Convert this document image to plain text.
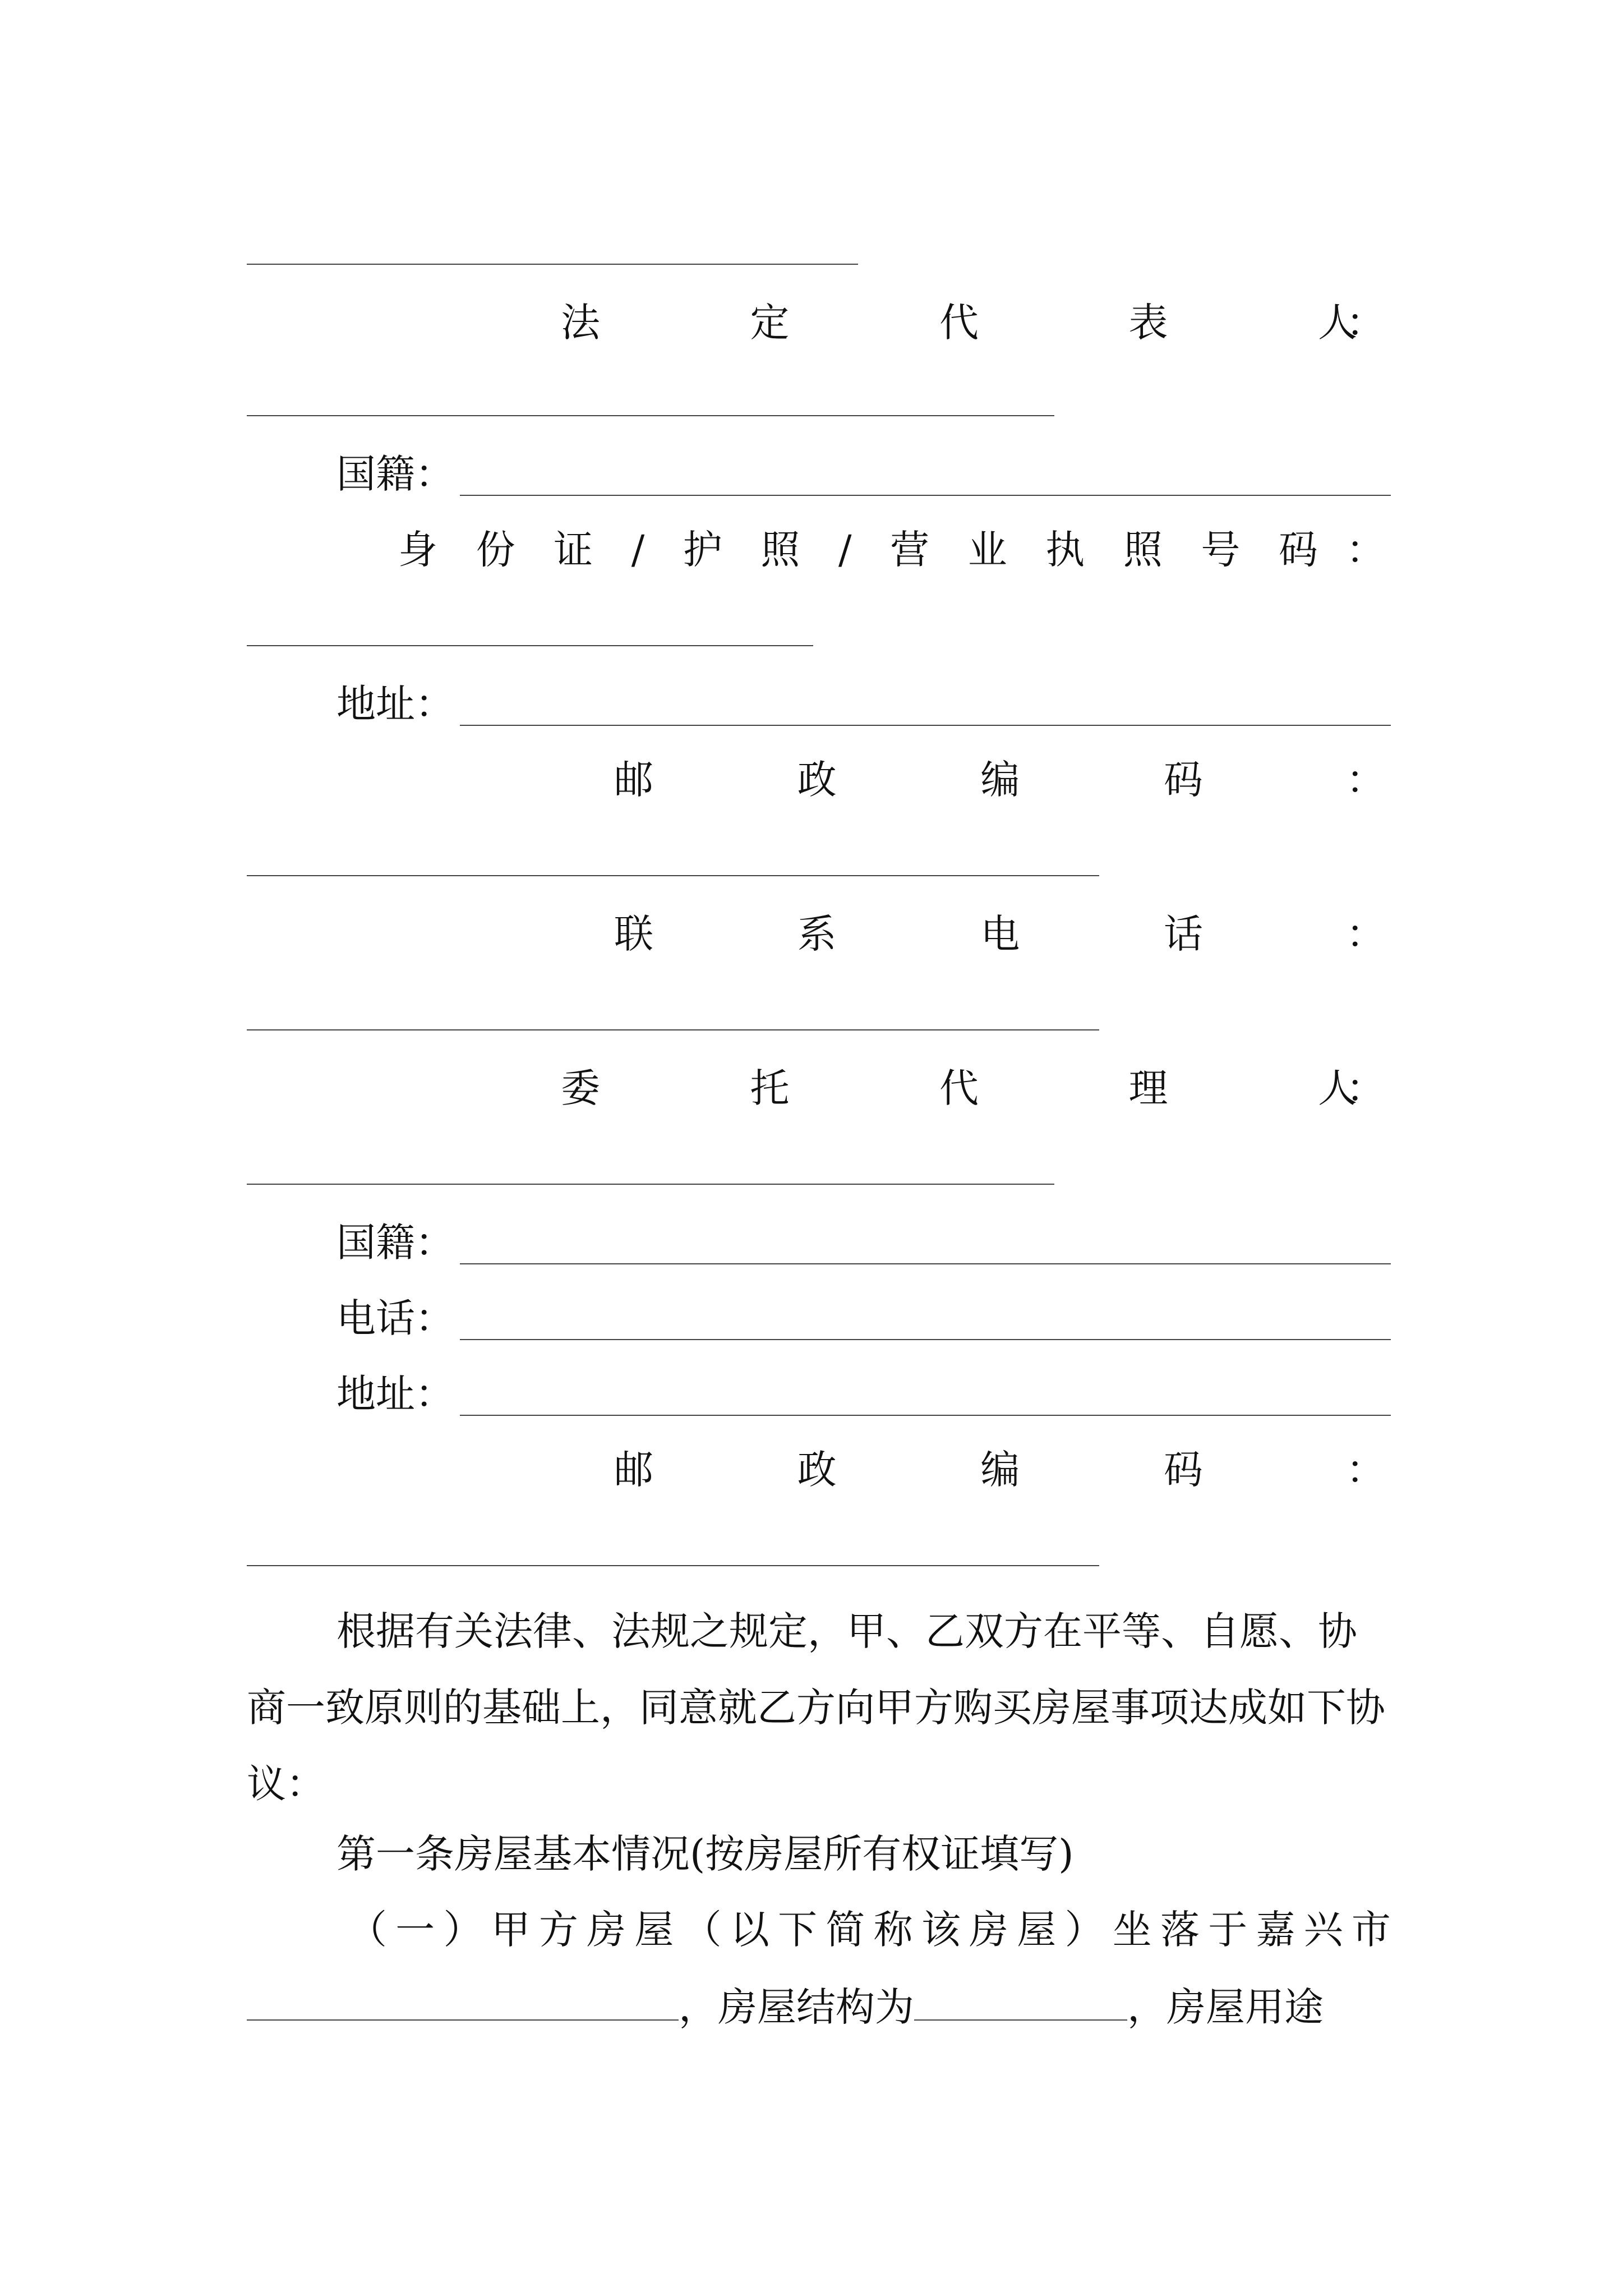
法	定	代	表	人
：
国籍：
身 份 证 / 护 照 / 营 业 执 照 号 码 ：
地址：
邮	政	编	码	：
联	系	电	话	：
委	托	代	理	人
：
国籍：
电话：
地址：
邮	政	编	码	：
根据有关法律、法规之规定，甲、乙双方在平等、自愿、协商一致原则的基础上，同意就乙方向甲方购买房屋事项达成如下协议：
第一条房屋基本情况(按房屋所有权证填写)
（ 一 ） 甲 方 房 屋 （ 以 下 简 称 该 房 屋 ） 坐 落 于 嘉 兴 市
，房屋结构为	，房屋用途
